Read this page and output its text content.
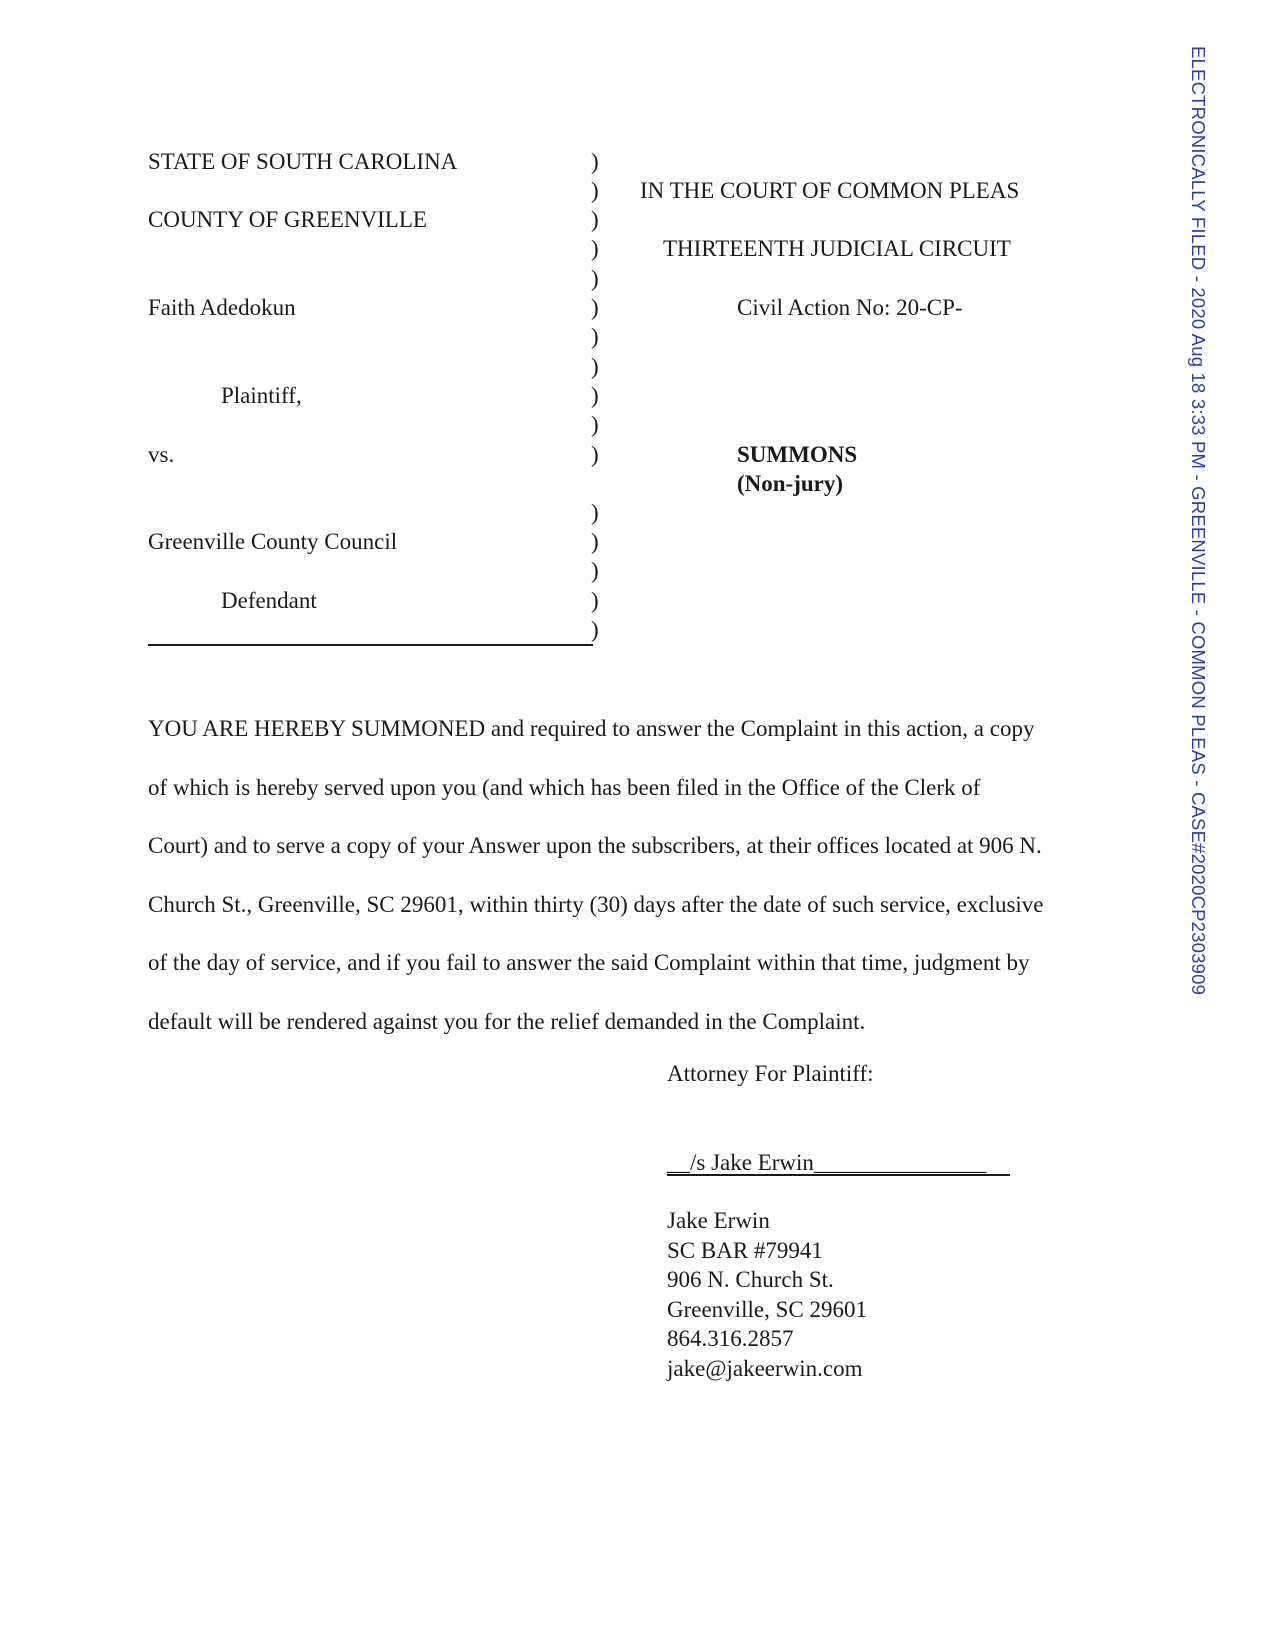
STATE OF SOUTH CAROLINA
COUNTY OF GREENVILLE
Faith Adedokun
Plaintiff,
vs.
Greenville County Council
Defendant
)
)
)
)
)
)
)
)
)
)
)
)
)
)
)
)
IN THE COURT OF COMMON PLEAS
THIRTEENTH JUDICIAL CIRCUIT
Civil Action No: 20-CP-
SUMMONS
(Non-jury)
YOU ARE HEREBY SUMMONED and required to answer the Complaint in this action, a copy
of which is hereby served upon you (and which has been filed in the Office of the Clerk of
Court) and to serve a copy of your Answer upon the subscribers, at their offices located at 906 N.
Church St., Greenville, SC 29601, within thirty (30) days after the date of such service, exclusive
of the day of service, and if you fail to answer the said Complaint within that time, judgment by
default will be rendered against you for the relief demanded in the Complaint.
Attorney For Plaintiff:
__/s Jake Erwin_______________
Jake Erwin
SC BAR #79941
906 N. Church St.
Greenville, SC 29601
864.316.2857
jake@jakeerwin.com
ELECTRONICALLY FILED - 2020 Aug 18 3:33 PM - GREENVILLE - COMMON PLEAS - CASE#2020CP2303909
